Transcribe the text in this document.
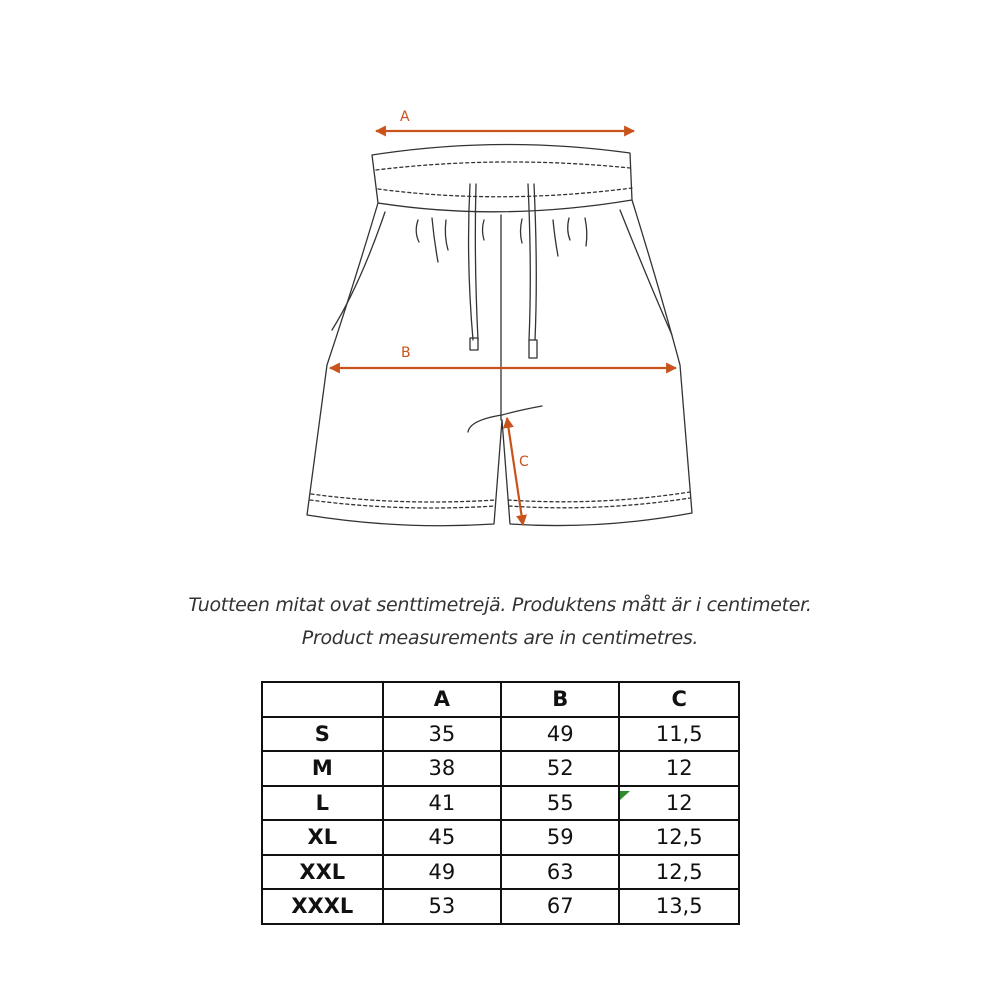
A
B
C
Tuotteen mitat ovat senttimetrejä. Produktens mått är i centimeter.
Product measurements are in centimetres.
	A	B	C
S	35	49	11,5
M	38	52	12
L	41	55	12
XL	45	59	12,5
XXL	49	63	12,5
XXXL	53	67	13,5
